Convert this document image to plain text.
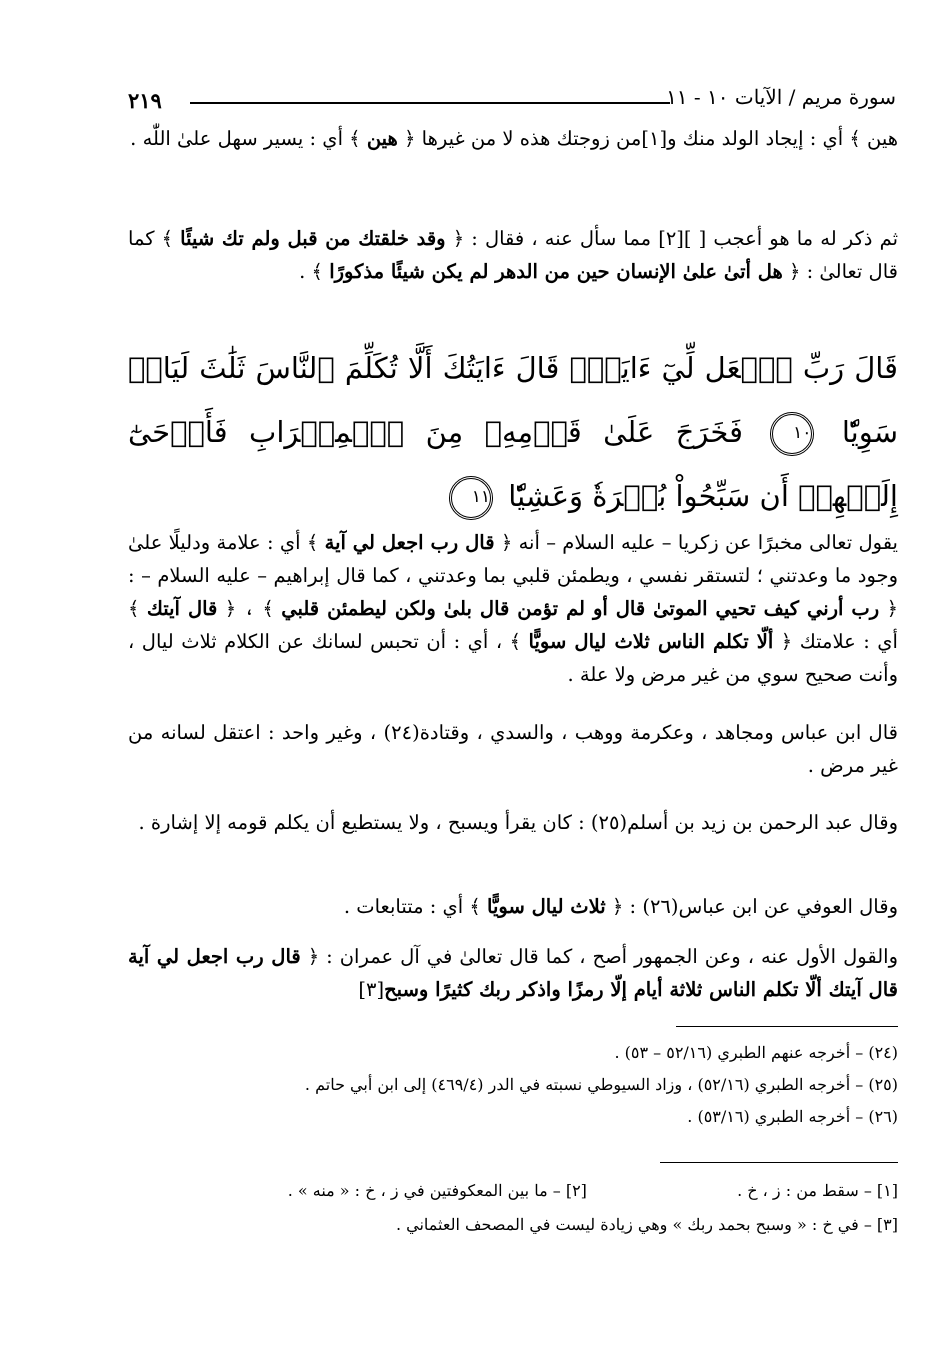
٢١٩	سورة مريم / الآيات ١٠ - ١١

هين ﴾ أي : إيجاد الولد منك و[١]من زوجتك هذه لا من غيرها ﴿ هين ﴾ أي : يسير سهل علىٰ اللّٰه .

ثم ذكر له ما هو أعجب [ ][٢] مما سأل عنه ، فقال : ﴿ وقد خلقتك من قبل ولم تك شيئًا ﴾ كما قال تعالىٰ : ﴿ هل أتىٰ علىٰ الإنسان حين من الدهر لم يكن شيئًا مذكورًا ﴾ .

قَالَ رَبِّ ٱجۡعَل لِّيٓ ءَايَةٗۖ قَالَ ءَايَتُكَ أَلَّا تُكَلِّمَ ٱلنَّاسَ ثَلَٰثَ لَيَالٖ سَوِيّٗا ١٠ فَخَرَجَ عَلَىٰ قَوۡمِهِۦ مِنَ ٱلۡمِحۡرَابِ فَأَوۡحَىٰٓ إِلَيۡهِمۡ أَن سَبِّحُواْ بُكۡرَةٗ وَعَشِيّٗا ١١

يقول تعالى مخبرًا عن زكريا – عليه السلام – أنه ﴿ قال رب اجعل لي آية ﴾ أي : علامة ودليلًا علىٰ وجود ما وعدتني ؛ لتستقر نفسي ، ويطمئن قلبي بما وعدتني ، كما قال إبراهيم – عليه السلام – : ﴿ رب أرني كيف تحيي الموتىٰ قال أو لم تؤمن قال بلىٰ ولكن ليطمئن قلبي ﴾ ، ﴿ قال آيتك ﴾ أي : علامتك ﴿ ألّا تكلم الناس ثلاث ليال سويًّا ﴾ ، أي : أن تحبس لسانك عن الكلام ثلاث ليال ، وأنت صحيح سوي من غير مرض ولا علة .

قال ابن عباس ومجاهد ، وعكرمة ووهب ، والسدي ، وقتادة(٢٤) ، وغير واحد : اعتقل لسانه من غير مرض .

وقال عبد الرحمن بن زيد بن أسلم(٢٥) : كان يقرأ ويسبح ، ولا يستطيع أن يكلم قومه إلا إشارة .

وقال العوفي عن ابن عباس(٢٦) : ﴿ ثلاث ليال سويًّا ﴾ أي : متتابعات .

والقول الأول عنه ، وعن الجمهور أصح ، كما قال تعالىٰ في آل عمران : ﴿ قال رب اجعل لي آية قال آيتك ألّا تكلم الناس ثلاثة أيام إلّا رمزًا واذكر ربك كثيرًا وسبح[٣]

(٢٤) – أخرجه عنهم الطبري (٥٢/١٦ – ٥٣) .
(٢٥) – أخرجه الطبري (٥٢/١٦) ، وزاد السيوطي نسبته في الدر (٤٦٩/٤) إلى ابن أبي حاتم .
(٢٦) – أخرجه الطبري (٥٣/١٦) .
[١] – سقط من : ز ، خ .  [٢] – ما بين المعكوفتين في ز ، خ : « منه » .
[٣] – في خ : « وسبح بحمد ربك » وهي زيادة ليست في المصحف العثماني .
